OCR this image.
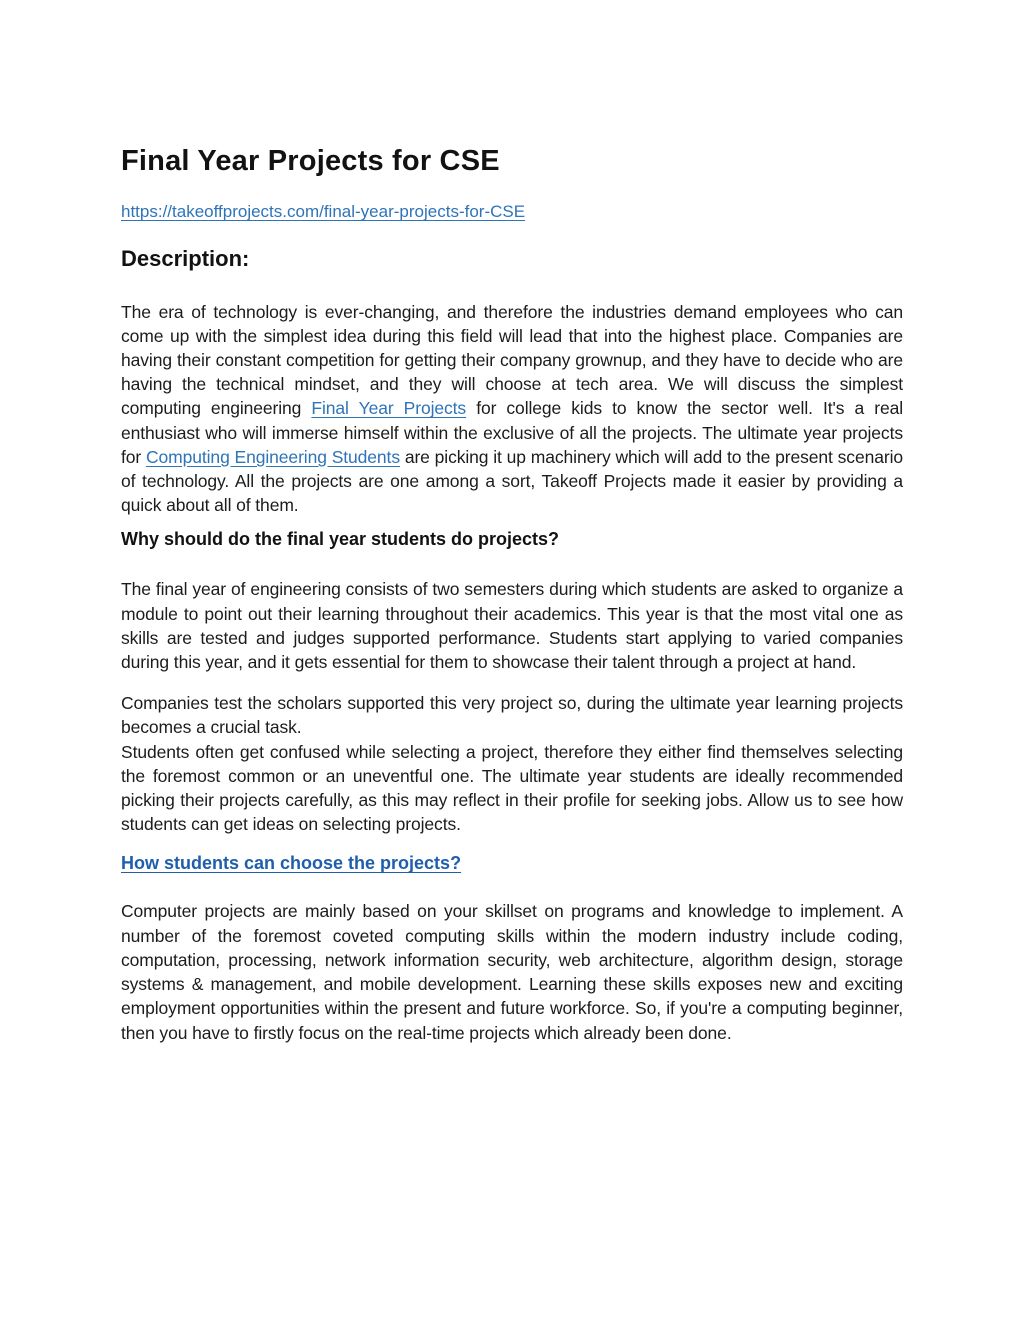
Final Year Projects for CSE
https://takeoffprojects.com/final-year-projects-for-CSE
Description:

The era of technology is ever-changing, and therefore the industries demand employees who can come up with the simplest idea during this field will lead that into the highest place. Companies are having their constant competition for getting their company grownup, and they have to decide who are having the technical mindset, and they will choose at tech area. We will discuss the simplest computing engineering Final Year Projects for college kids to know the sector well. It's a real enthusiast who will immerse himself within the exclusive of all the projects. The ultimate year projects for Computing Engineering Students are picking it up machinery which will add to the present scenario of technology. All the projects are one among a sort, Takeoff Projects made it easier by providing a quick about all of them.

Why should do the final year students do projects?

The final year of engineering consists of two semesters during which students are asked to organize a module to point out their learning throughout their academics. This year is that the most vital one as skills are tested and judges supported performance. Students start applying to varied companies during this year, and it gets essential for them to showcase their talent through a project at hand.

Companies test the scholars supported this very project so, during the ultimate year learning projects becomes a crucial task.

Students often get confused while selecting a project, therefore they either find themselves selecting the foremost common or an uneventful one. The ultimate year students are ideally recommended picking their projects carefully, as this may reflect in their profile for seeking jobs. Allow us to see how students can get ideas on selecting projects.

How students can choose the projects?

Computer projects are mainly based on your skillset on programs and knowledge to implement. A number of the foremost coveted computing skills within the modern industry include coding, computation, processing, network information security, web architecture, algorithm design, storage systems & management, and mobile development. Learning these skills exposes new and exciting employment opportunities within the present and future workforce. So, if you're a computing beginner, then you have to firstly focus on the real-time projects which already been done.
